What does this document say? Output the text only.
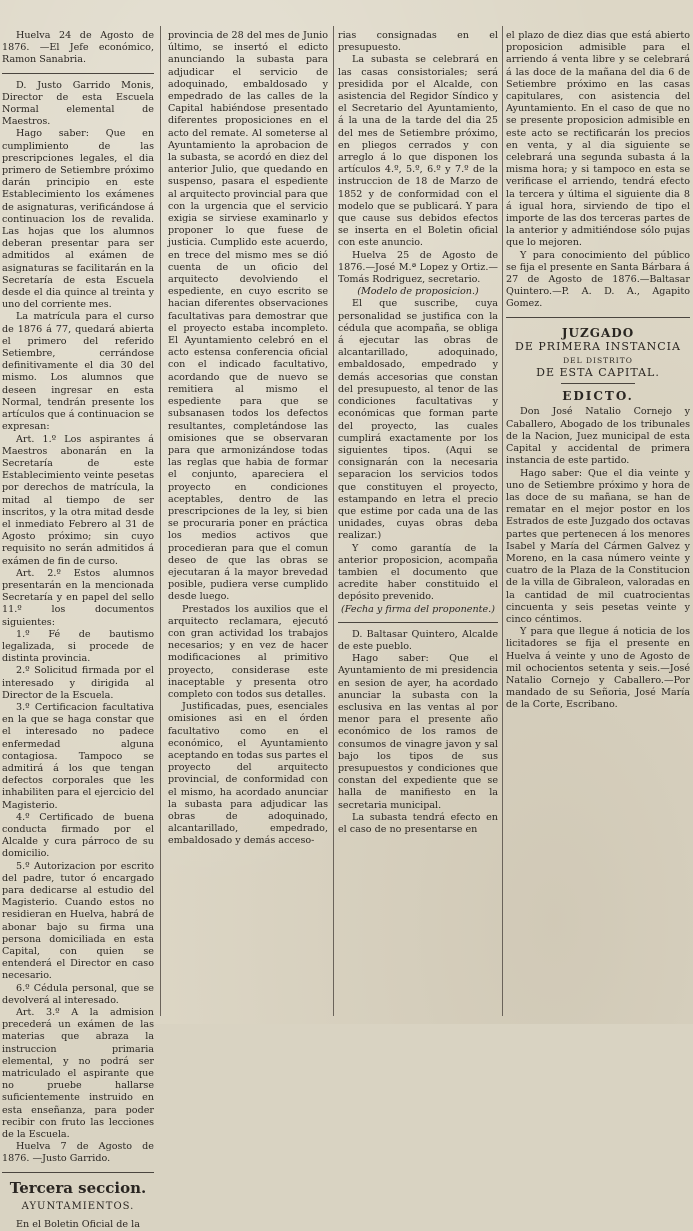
Huelva 24 de Agosto de 1876. —El Jefe económico, Ramon Sanabria.

D. Justo Garrido Monis, Director de esta Escuela Normal elemental de Maestros.

Hago saber: Que en cumplimiento de las prescripciones legales, el dia primero de Setiembre próximo darán principio en este Establecimiento los exámenes de asignaturas, verificándose á continuacion los de revalida. Las hojas que los alumnos deberan presentar para ser admitidos al exámen de asignaturas se facilitarán en la Secretaría de esta Escuela desde el dia quince al treinta y uno del corriente mes.

La matrícula para el curso de 1876 á 77, quedará abierta el primero del referido Setiembre, cerrándose definitivamente el dia 30 del mismo. Los alumnos que deseen ingresar en esta Normal, tendrán presente los artículos que á continuacion se expresan:

Art. 1.º Los aspirantes á Maestros abonarán en la Secretaría de este Establecimiento veinte pesetas por derechos de matrícula, la mitad al tiempo de ser inscritos, y la otra mitad desde el inmediato Febrero al 31 de Agosto próximo; sin cuyo requisito no serán admitidos á exámen de fin de curso.

Art. 2.º Estos alumnos presentarán en la mencionada Secretaría y en papel del sello 11.º los documentos siguientes:

1.º Fé de bautismo legalizada, si procede de distinta provincia.

2.º Solicitud firmada por el interesado y dirigida al Director de la Escuela.

3.º Certificacion facultativa en la que se haga constar que el interesado no padece enfermedad alguna contagiosa. Tampoco se admitirá á los que tengan defectos corporales que les inhabiliten para el ejercicio del Magisterio.

4.º Certificado de buena conducta firmado por el Alcalde y cura párroco de su domicilio.

5.º Autorizacion por escrito del padre, tutor ó encargado para dedicarse al estudio del Magisterio. Cuando estos no residieran en Huelva, habrá de abonar bajo su firma una persona domiciliada en esta Capital, con quien se entenderá el Director en caso necesario.

6.º Cédula personal, que se devolverá al interesado.

Art. 3.º A la admision precederá un exámen de las materias que abraza la instruccion primaria elemental, y no podrá ser matriculado el aspirante que no pruebe hallarse suficientemente instruido en esta enseñanza, para poder recibir con fruto las lecciones de la Escuela.

Huelva 7 de Agosto de 1876. —Justo Garrido.

Tercera seccion.
AYUNTAMIENTOS.

En el Boletin Oficial de la

provincia de 28 del mes de Junio último, se insertó el edicto anunciando la subasta para adjudicar el servicio de adoquinado, embaldosado y empedrado de las calles de la Capital habiéndose presentado diferentes proposiciones en el acto del remate. Al someterse al Ayuntamiento la aprobacion de la subasta, se acordó en diez del anterior Julio, que quedando en suspenso, pasara el espediente al arquitecto provincial para que con la urgencia que el servicio exigia se sirviese examinarlo y proponer lo que fuese de justicia. Cumplido este acuerdo, en trece del mismo mes se dió cuenta de un oficio del arquitecto devolviendo el espediente, en cuyo escrito se hacian diferentes observaciones facultativas para demostrar que el proyecto estaba incompleto. El Ayuntamiento celebró en el acto estensa conferencia oficial con el indicado facultativo, acordando que de nuevo se remitiera al mismo el espediente para que se subsanasen todos los defectos resultantes, completándose las omisiones que se observaran para que armonizándose todas las reglas que habia de formar el conjunto, apareciera el proyecto en condiciones aceptables, dentro de las prescripciones de la ley, si bien se procuraria poner en práctica los medios activos que procedieran para que el comun deseo de que las obras se ejecutaran á la mayor brevedad posible, pudiera verse cumplido desde luego.

Prestados los auxilios que el arquitecto reclamara, ejecutó con gran actividad los trabajos necesarios; y en vez de hacer modificaciones al primitivo proyecto, considerase este inaceptable y presenta otro completo con todos sus detalles.

Justificadas, pues, esenciales omisiones asi en el órden facultativo como en el económico, el Ayuntamiento aceptando en todas sus partes el proyecto del arquitecto provincial, de conformidad con el mismo, ha acordado anunciar la subasta para adjudicar las obras de adoquinado, alcantarillado, empedrado, embaldosado y demás acceso-

rias consignadas en el presupuesto.

La subasta se celebrará en las casas consistoriales; será presidida por el Alcalde, con asistencia del Regidor Síndico y el Secretario del Ayuntamiento, á la una de la tarde del dia 25 del mes de Setiembre próximo, en pliegos cerrados y con arreglo á lo que disponen los artículos 4.º, 5.º, 6.º y 7.º de la instruccion de 18 de Marzo de 1852 y de conformidad con el modelo que se publicará. Y para que cause sus debidos efectos se inserta en el Boletin oficial con este anuncio.

Huelva 25 de Agosto de 1876.—José M.ª Lopez y Ortiz.—Tomás Rodriguez, secretario.

(Modelo de proposicion.)

El que suscribe, cuya personalidad se justifica con la cédula que acompaña, se obliga á ejecutar las obras de alcantarillado, adoquinado, embaldosado, empedrado y demás accesorias que constan del presupuesto, al tenor de las condiciones facultativas y económicas que forman parte del proyecto, las cuales cumplirá exactamente por los siguientes tipos. (Aqui se consignarán con la necesaria separacion los servicios todos que constituyen el proyecto, estampando en letra el precio que estime por cada una de las unidades, cuyas obras deba realizar.)

Y como garantía de la anterior proposicion, acompaña tambien el documento que acredite haber constituido el depósito prevenido.

(Fecha y firma del proponente.)

D. Baltasar Quintero, Alcalde de este pueblo.

Hago saber: Que el Ayuntamiento de mi presidencia en sesion de ayer, ha acordado anunciar la subasta con la esclusiva en las ventas al por menor para el presente año económico de los ramos de consumos de vinagre javon y sal bajo los tipos de sus presupuestos y condiciones que constan del expediente que se halla de manifiesto en la secretaria municipal.

La subasta tendrá efecto en el caso de no presentarse en

el plazo de diez dias que está abierto proposicion admisible para el arriendo á venta libre y se celebrará á las doce de la mañana del dia 6 de Setiembre próximo en las casas capitulares, con asistencia del Ayuntamiento. En el caso de que no se presente proposicion admisible en este acto se rectificarán los precios en venta, y al dia siguiente se celebrará una segunda subasta á la misma hora; y si tampoco en esta se verificase el arriendo, tendrá efecto la tercera y última el siguiente dia 8 á igual hora, sirviendo de tipo el importe de las dos terceras partes de la anterior y admitiéndose sólo pujas que lo mejoren.

Y para conocimiento del público se fija el presente en Santa Bárbara á 27 de Agosto de 1876.—Baltasar Quintero.—P. A. D. A., Agapito Gomez.

JUZGADO
DE PRIMERA INSTANCIA
DEL DISTRITO
DE ESTA CAPITAL.
EDICTO.

Don José Natalio Cornejo y Caballero, Abogado de los tribunales de la Nacion, Juez municipal de esta Capital y accidental de primera instancia de este partido.

Hago saber: Que el dia veinte y uno de Setiembre próximo y hora de las doce de su mañana, se han de rematar en el mejor postor en los Estrados de este Juzgado dos octavas partes que pertenecen á los menores Isabel y María del Cármen Galvez y Moreno, en la casa número veinte y cuatro de la Plaza de la Constitucion de la villa de Gibraleon, valoradas en la cantidad de mil cuatrocientas cincuenta y seis pesetas veinte y cinco céntimos.

Y para que llegue á noticia de los licitadores se fija el presente en Huelva á veinte y uno de Agosto de mil ochocientos setenta y seis.—José Natalio Cornejo y Caballero.—Por mandado de su Señoria, José María de la Corte, Escribano.
